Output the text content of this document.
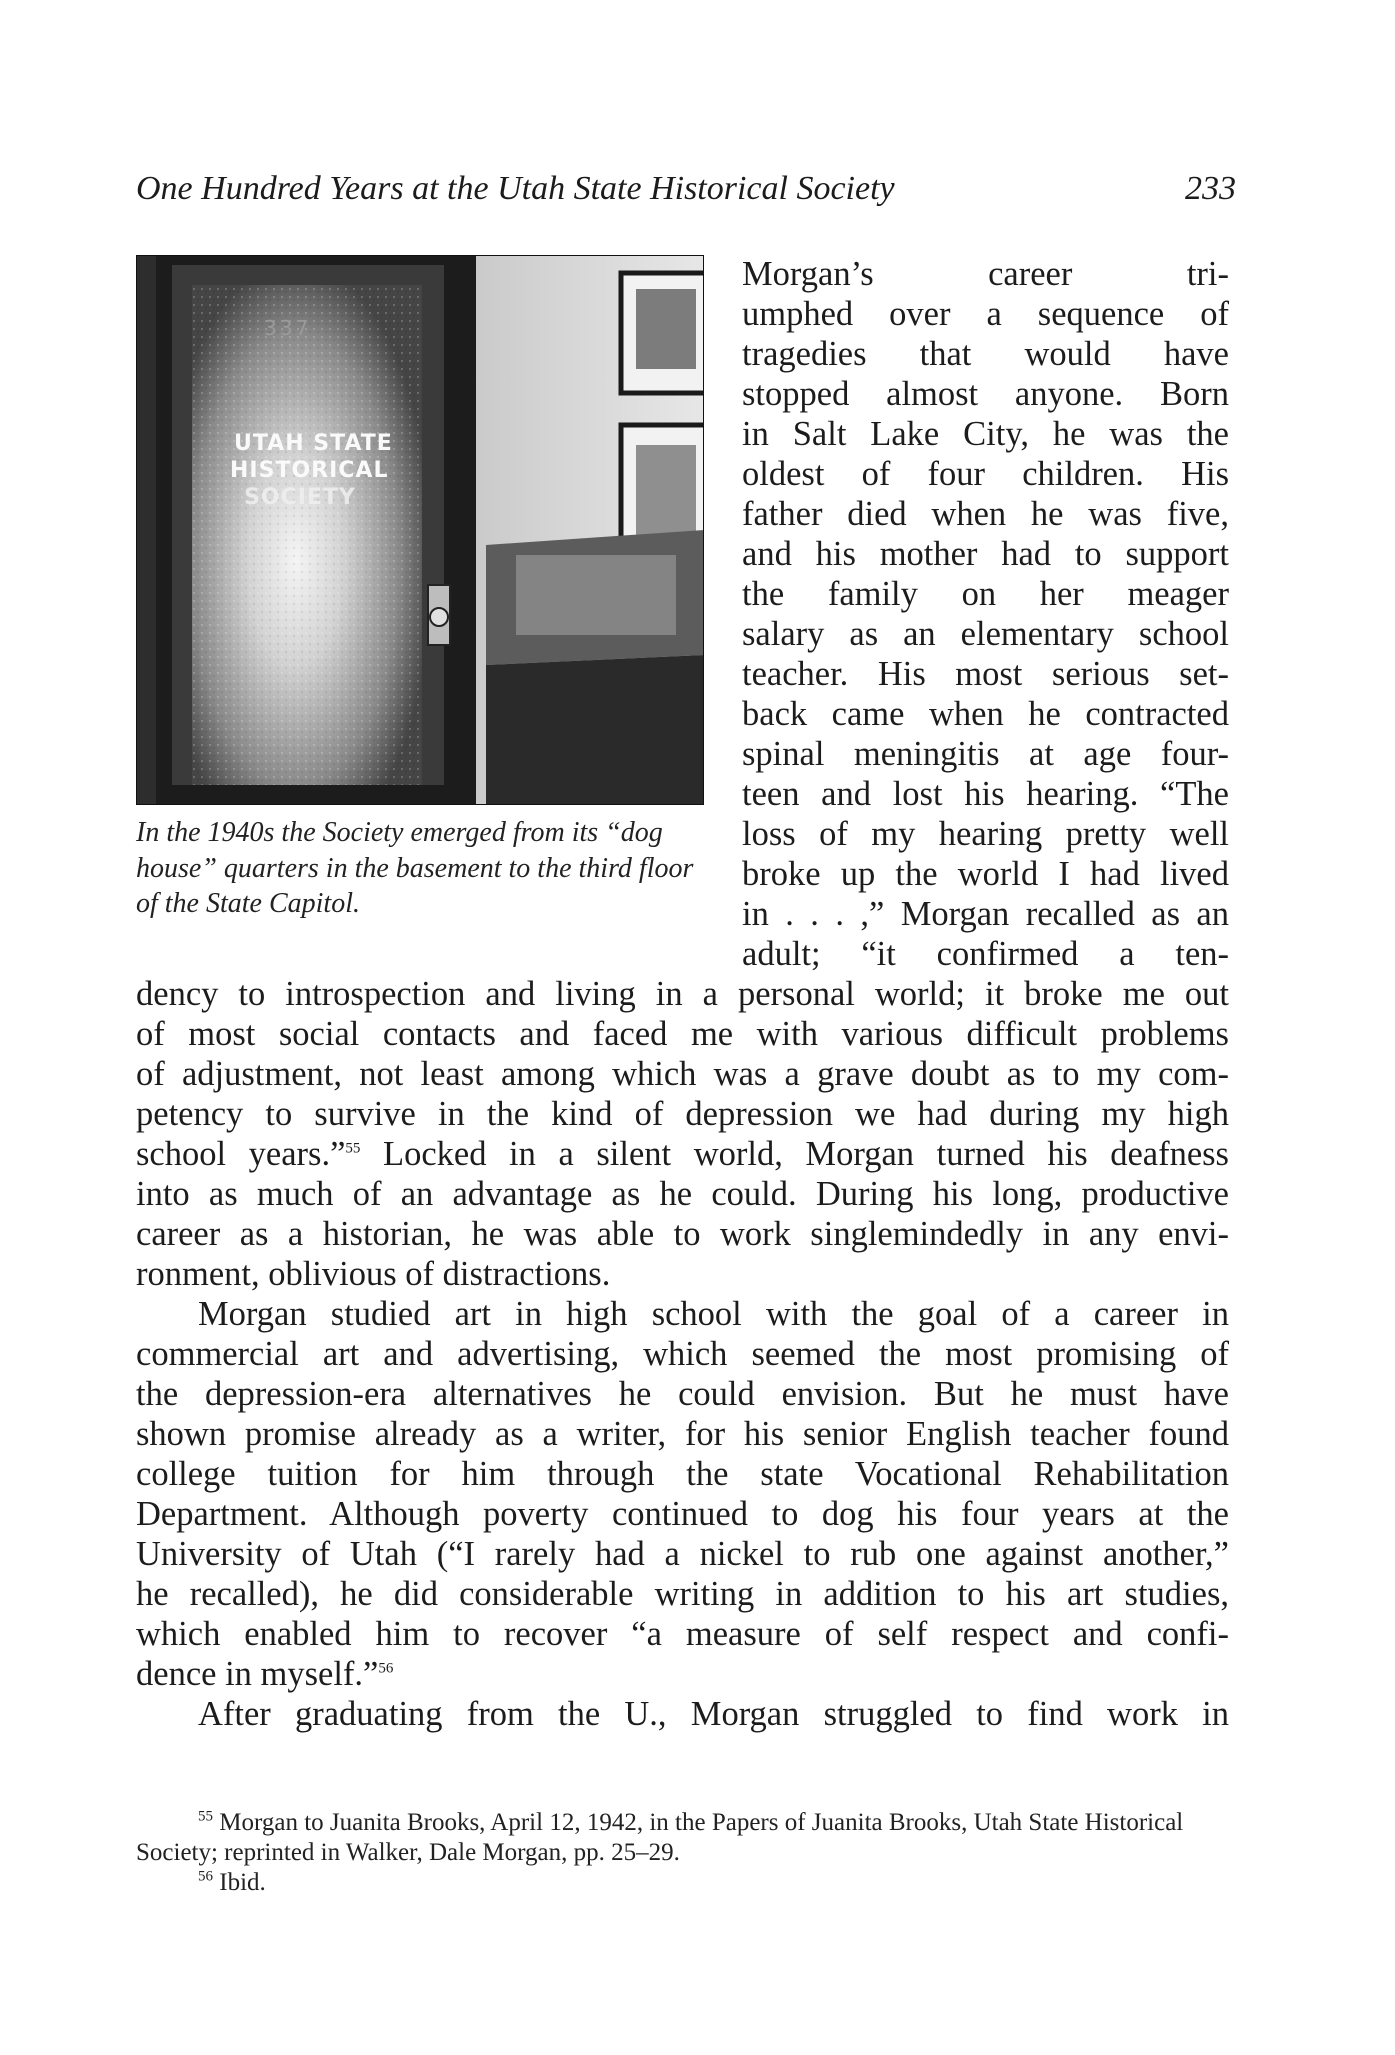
One Hundred Years at the Utah State Historical Society	233
337
UTAH STATE
HISTORICAL
SOCIETY
In the 1940s the Society emerged from its “dog
house” quarters in the basement to the third floor
of the State Capitol.
Morgan’s career tri-
umphed over a sequence of
tragedies that would have
stopped almost anyone. Born
in Salt Lake City, he was the
oldest of four children. His
father died when he was five,
and his mother had to support
the family on her meager
salary as an elementary school
teacher. His most serious set-
back came when he contracted
spinal meningitis at age four-
teen and lost his hearing. “The
loss of my hearing pretty well
broke up the world I had lived
in . . . ,” Morgan recalled as an
adult; “it confirmed a ten-
dency to introspection and living in a personal world; it broke me out
of most social contacts and faced me with various difficult problems
of adjustment, not least among which was a grave doubt as to my com-
petency to survive in the kind of depression we had during my high
school years.”$^{55}$ Locked in a silent world, Morgan turned his deafness
into as much of an advantage as he could. During his long, productive
career as a historian, he was able to work singlemindedly in any envi-
ronment, oblivious of distractions.
Morgan studied art in high school with the goal of a career in
commercial art and advertising, which seemed the most promising of
the depression-era alternatives he could envision. But he must have
shown promise already as a writer, for his senior English teacher found
college tuition for him through the state Vocational Rehabilitation
Department. Although poverty continued to dog his four years at the
University of Utah (“I rarely had a nickel to rub one against another,”
he recalled), he did considerable writing in addition to his art studies,
which enabled him to recover “a measure of self respect and confi-
dence in myself.”$^{56}$
After graduating from the U., Morgan struggled to find work in
$^{55}$ Morgan to Juanita Brooks, April 12, 1942, in the Papers of Juanita Brooks, Utah State Historical
Society; reprinted in Walker, Dale Morgan, pp. 25–29.
$^{56}$ Ibid.
